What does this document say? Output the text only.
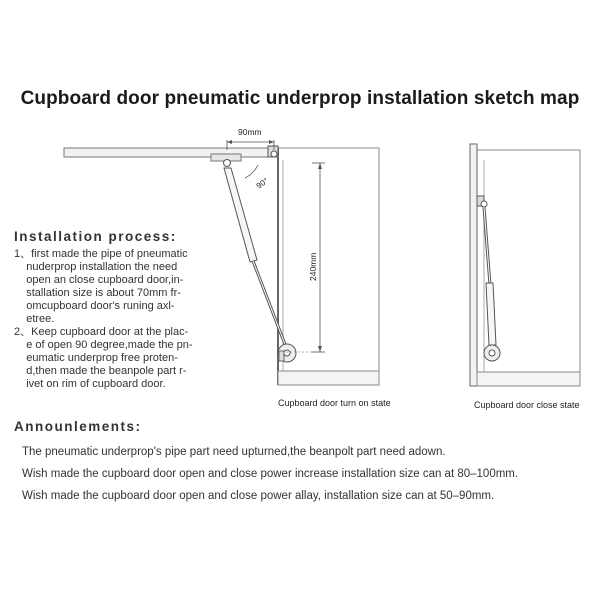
Cupboard door pneumatic underprop installation sketch map
90mm
90°
240mm
Cupboard door turn on state	Cupboard door close state
Installation process:
1、first made the pipe of pneumatic
nuderprop installation the need
open an close cupboard door,in-
stallation size is about 70mm fr-
omcupboard door's runing axl-
etree.
2、Keep cupboard door at the plac-
e of open 90 degree,made the pn-
eumatic underprop free proten-
d,then made the beanpole part r-
ivet on rim of cupboard door.
Announlements:
The pneumatic underprop's pipe part need upturned,the beanpolt part need adown.
Wish made the cupboard door open and close power increase installation size can at 80–100mm.
Wish made the cupboard door open and close power allay, installation size can at 50–90mm.
